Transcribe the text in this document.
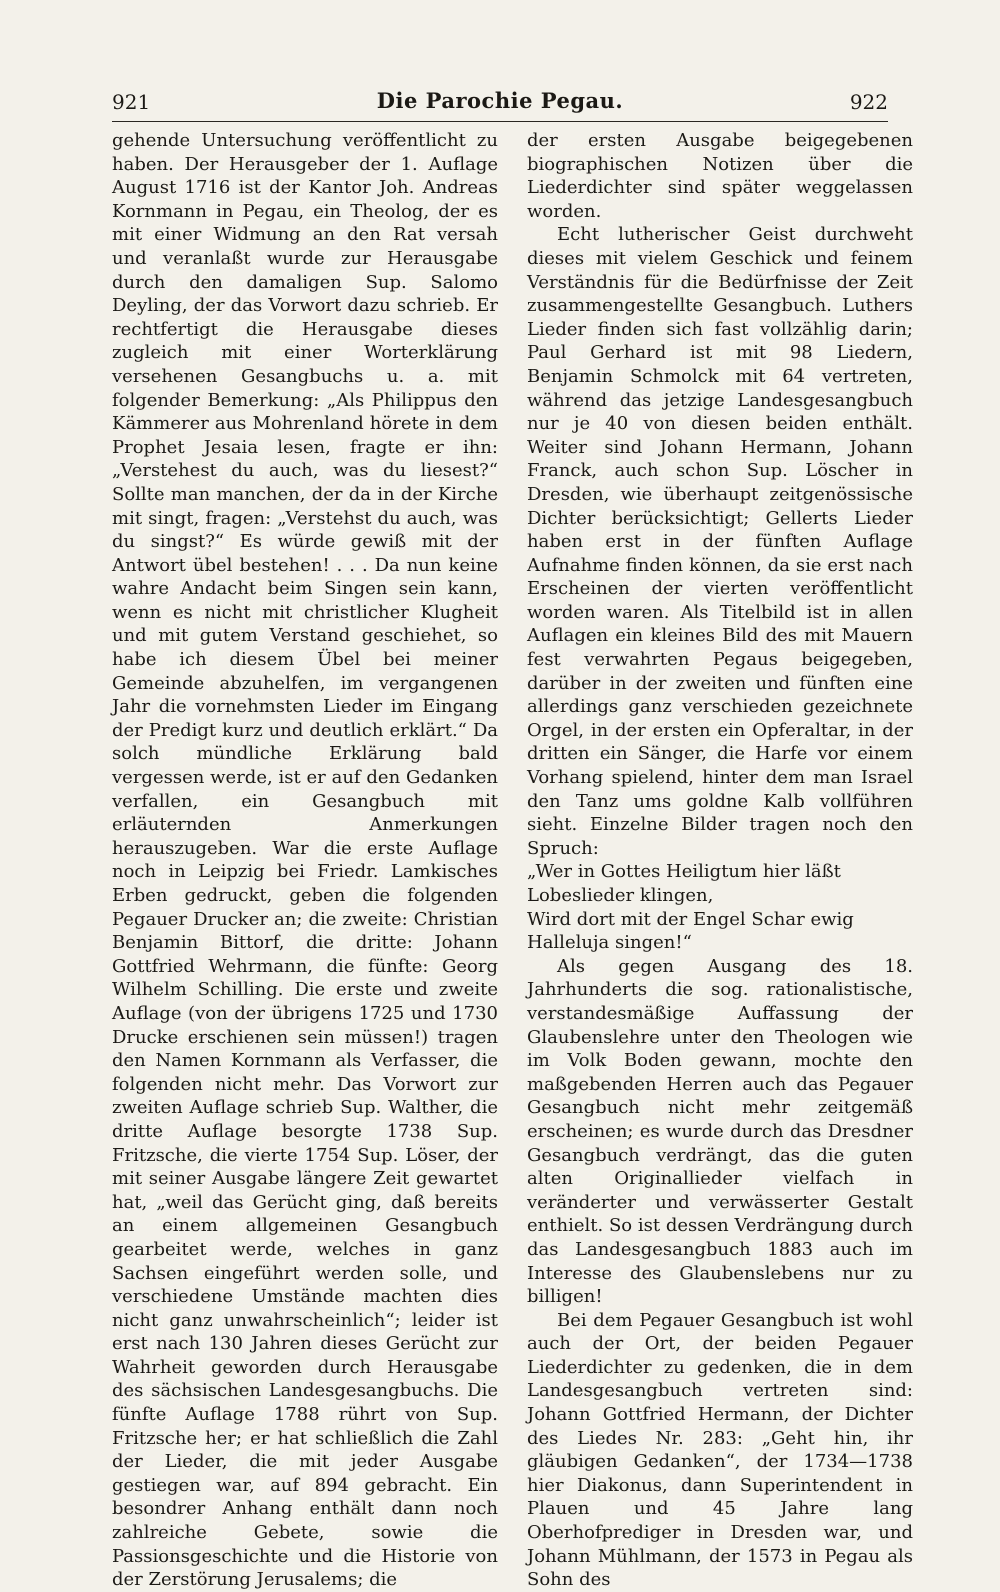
921	Die Parochie Pegau.	922

gehende Untersuchung veröffentlicht zu haben. Der Herausgeber der 1. Auflage August 1716 ist der Kantor Joh. Andreas Kornmann in Pegau, ein Theolog, der es mit einer Widmung an den Rat versah und veranlaßt wurde zur Herausgabe durch den damaligen Sup. Salomo Deyling, der das Vorwort dazu schrieb. Er rechtfertigt die Herausgabe dieses zugleich mit einer Worterklärung versehenen Gesangbuchs u. a. mit folgender Bemerkung: „Als Philippus den Kämmerer aus Mohrenland hörete in dem Prophet Jesaia lesen, fragte er ihn: „Verstehest du auch, was du liesest?“ Sollte man manchen, der da in der Kirche mit singt, fragen: „Verstehst du auch, was du singst?“ Es würde gewiß mit der Antwort übel bestehen! . . . Da nun keine wahre Andacht beim Singen sein kann, wenn es nicht mit christlicher Klugheit und mit gutem Verstand geschiehet, so habe ich diesem Übel bei meiner Gemeinde abzuhelfen, im vergangenen Jahr die vornehmsten Lieder im Eingang der Predigt kurz und deutlich erklärt.“ Da solch mündliche Erklärung bald vergessen werde, ist er auf den Gedanken verfallen, ein Gesangbuch mit erläuternden Anmerkungen herauszugeben. War die erste Auflage noch in Leipzig bei Friedr. Lamkisches Erben gedruckt, geben die folgenden Pegauer Drucker an; die zweite: Christian Benjamin Bittorf, die dritte: Johann Gottfried Wehrmann, die fünfte: Georg Wilhelm Schilling. Die erste und zweite Auflage (von der übrigens 1725 und 1730 Drucke erschienen sein müssen!) tragen den Namen Kornmann als Verfasser, die folgenden nicht mehr. Das Vorwort zur zweiten Auflage schrieb Sup. Walther, die dritte Auflage besorgte 1738 Sup. Fritzsche, die vierte 1754 Sup. Löser, der mit seiner Ausgabe längere Zeit gewartet hat, „weil das Gerücht ging, daß bereits an einem allgemeinen Gesangbuch gearbeitet werde, welches in ganz Sachsen eingeführt werden solle, und verschiedene Umstände machten dies nicht ganz unwahrscheinlich“; leider ist erst nach 130 Jahren dieses Gerücht zur Wahrheit geworden durch Herausgabe des sächsischen Landesgesangbuchs. Die fünfte Auflage 1788 rührt von Sup. Fritzsche her; er hat schließlich die Zahl der Lieder, die mit jeder Ausgabe gestiegen war, auf 894 gebracht. Ein besondrer Anhang enthält dann noch zahlreiche Gebete, sowie die Passionsgeschichte und die Historie von der Zerstörung Jerusalems; die

der ersten Ausgabe beigegebenen biographischen Notizen über die Liederdichter sind später weggelassen worden.

Echt lutherischer Geist durchweht dieses mit vielem Geschick und feinem Verständnis für die Bedürfnisse der Zeit zusammengestellte Gesangbuch. Luthers Lieder finden sich fast vollzählig darin; Paul Gerhard ist mit 98 Liedern, Benjamin Schmolck mit 64 vertreten, während das jetzige Landesgesangbuch nur je 40 von diesen beiden enthält. Weiter sind Johann Hermann, Johann Franck, auch schon Sup. Löscher in Dresden, wie überhaupt zeitgenössische Dichter berücksichtigt; Gellerts Lieder haben erst in der fünften Auflage Aufnahme finden können, da sie erst nach Erscheinen der vierten veröffentlicht worden waren. Als Titelbild ist in allen Auflagen ein kleines Bild des mit Mauern fest verwahrten Pegaus beigegeben, darüber in der zweiten und fünften eine allerdings ganz verschieden gezeichnete Orgel, in der ersten ein Opferaltar, in der dritten ein Sänger, die Harfe vor einem Vorhang spielend, hinter dem man Israel den Tanz ums goldne Kalb vollführen sieht. Einzelne Bilder tragen noch den Spruch:

„Wer in Gottes Heiligtum hier läßt Lobeslieder klingen,

Wird dort mit der Engel Schar ewig Halleluja singen!“

Als gegen Ausgang des 18. Jahrhunderts die sog. rationalistische, verstandesmäßige Auffassung der Glaubenslehre unter den Theologen wie im Volk Boden gewann, mochte den maßgebenden Herren auch das Pegauer Gesangbuch nicht mehr zeitgemäß erscheinen; es wurde durch das Dresdner Gesangbuch verdrängt, das die guten alten Originallieder vielfach in veränderter und verwässerter Gestalt enthielt. So ist dessen Verdrängung durch das Landesgesangbuch 1883 auch im Interesse des Glaubenslebens nur zu billigen!

Bei dem Pegauer Gesangbuch ist wohl auch der Ort, der beiden Pegauer Liederdichter zu gedenken, die in dem Landesgesangbuch vertreten sind: Johann Gottfried Hermann, der Dichter des Liedes Nr. 283: „Geht hin, ihr gläubigen Gedanken“, der 1734—1738 hier Diakonus, dann Superintendent in Plauen und 45 Jahre lang Oberhofprediger in Dresden war, und Johann Mühlmann, der 1573 in Pegau als Sohn des
